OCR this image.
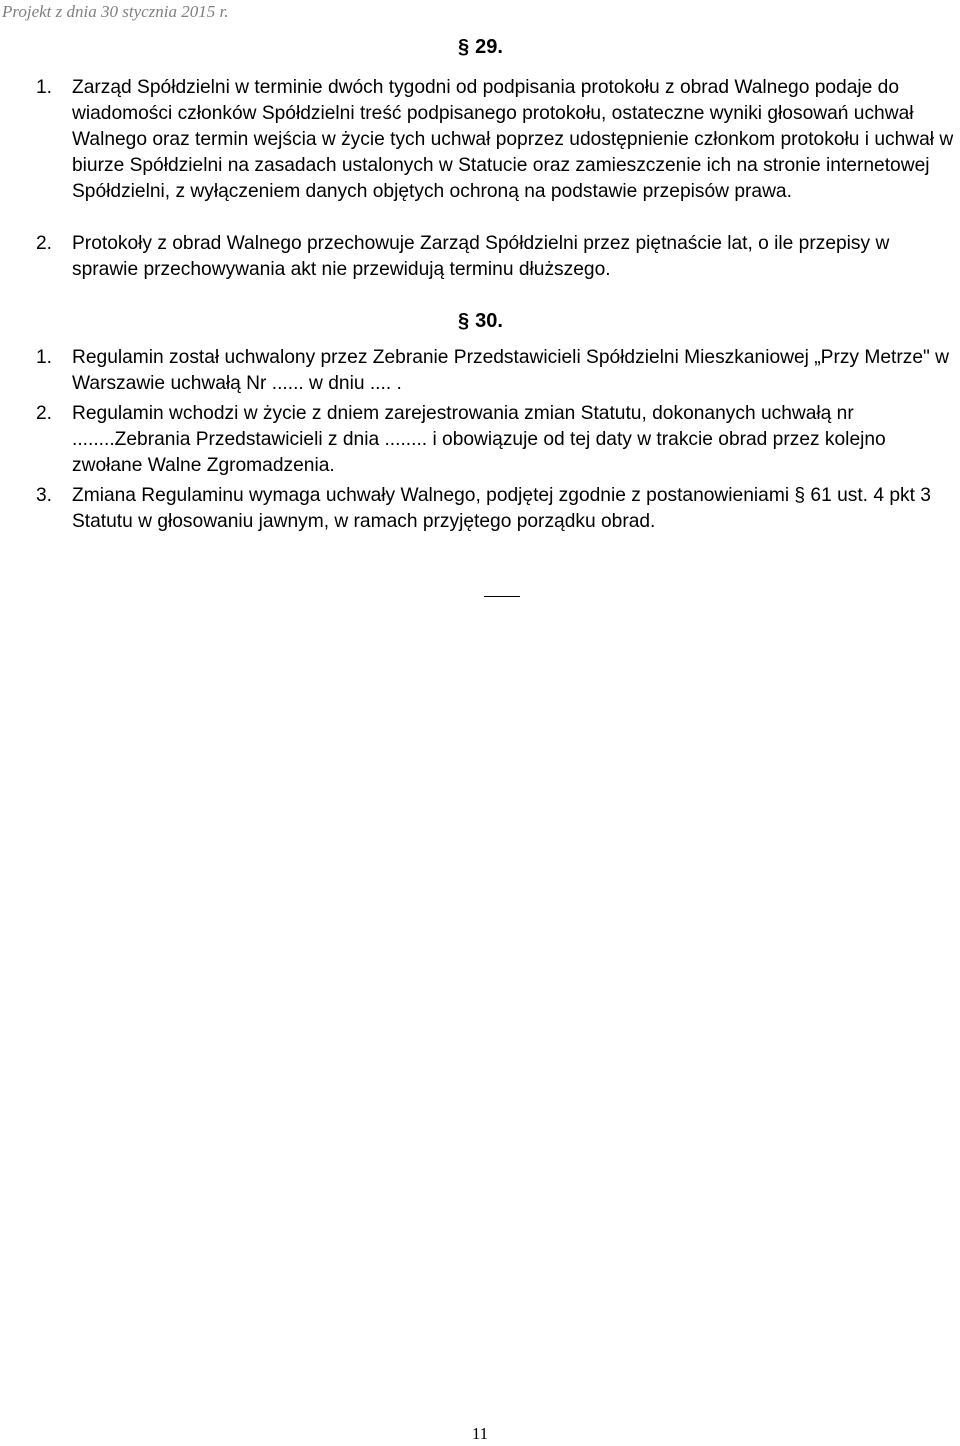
Projekt z dnia 30 stycznia 2015 r.
§ 29.
1. Zarząd Spółdzielni w terminie dwóch tygodni od podpisania protokołu z obrad Walnego podaje do wiadomości członków Spółdzielni treść podpisanego protokołu, ostateczne wyniki głosowań uchwał Walnego oraz termin wejścia w życie tych uchwał poprzez udostępnienie członkom protokołu i uchwał w biurze Spółdzielni na zasadach ustalonych w Statucie oraz zamieszczenie ich na stronie internetowej Spółdzielni, z wyłączeniem danych objętych ochroną na podstawie przepisów prawa.
2. Protokoły z obrad Walnego przechowuje Zarząd Spółdzielni przez piętnaście lat, o ile przepisy w sprawie przechowywania akt nie przewidują terminu dłuższego.
§ 30.
1. Regulamin został uchwalony przez Zebranie Przedstawicieli Spółdzielni Mieszkaniowej „Przy Metrze" w Warszawie uchwałą Nr ...... w dniu .... .
2. Regulamin wchodzi w życie z dniem zarejestrowania zmian Statutu, dokonanych uchwałą nr ........Zebrania Przedstawicieli z dnia ........ i obowiązuje od tej daty w trakcie obrad przez kolejno zwołane Walne Zgromadzenia.
3. Zmiana Regulaminu wymaga uchwały Walnego, podjętej zgodnie z postanowieniami § 61 ust. 4 pkt 3 Statutu w głosowaniu jawnym, w ramach przyjętego porządku obrad.
11
